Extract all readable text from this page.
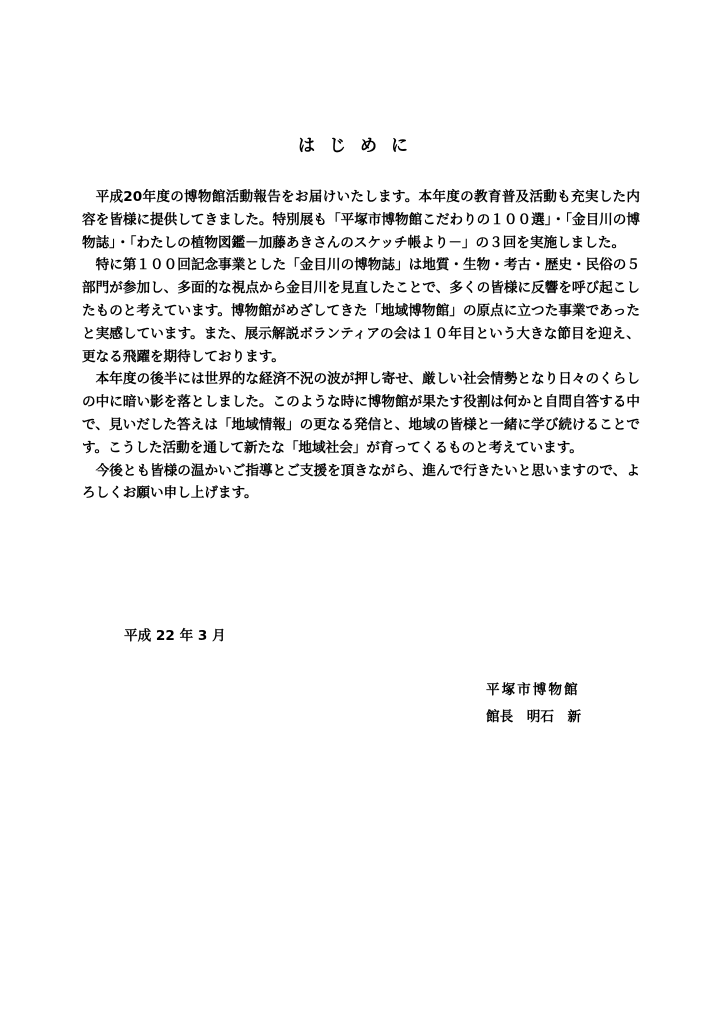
はじめに

平成20年度の博物館活動報告をお届けいたします。本年度の教育普及活動も充実した内容を皆様に提供してきました。特別展も「平塚市博物館こだわりの１００選」・「金目川の博物誌」・「わたしの植物図鑑－加藤あきさんのスケッチ帳より－」の３回を実施しました。

特に第１００回記念事業とした「金目川の博物誌」は地質・生物・考古・歴史・民俗の５部門が参加し、多面的な視点から金目川を見直したことで、多くの皆様に反響を呼び起こしたものと考えています。博物館がめざしてきた「地域博物館」の原点に立つた事業であったと実感しています。また、展示解説ボランティアの会は１０年目という大きな節目を迎え、更なる飛躍を期待しております。

本年度の後半には世界的な経済不況の波が押し寄せ、厳しい社会情勢となり日々のくらしの中に暗い影を落としました。このような時に博物館が果たす役割は何かと自問自答する中で、見いだした答えは「地域情報」の更なる発信と、地域の皆様と一緒に学び続けることです。こうした活動を通して新たな「地域社会」が育ってくるものと考えています。

今後とも皆様の温かいご指導とご支援を頂きながら、進んで行きたいと思いますので、よろしくお願い申し上げます。

平成 22 年 3 月
平塚市博物館
館長　明石　新
